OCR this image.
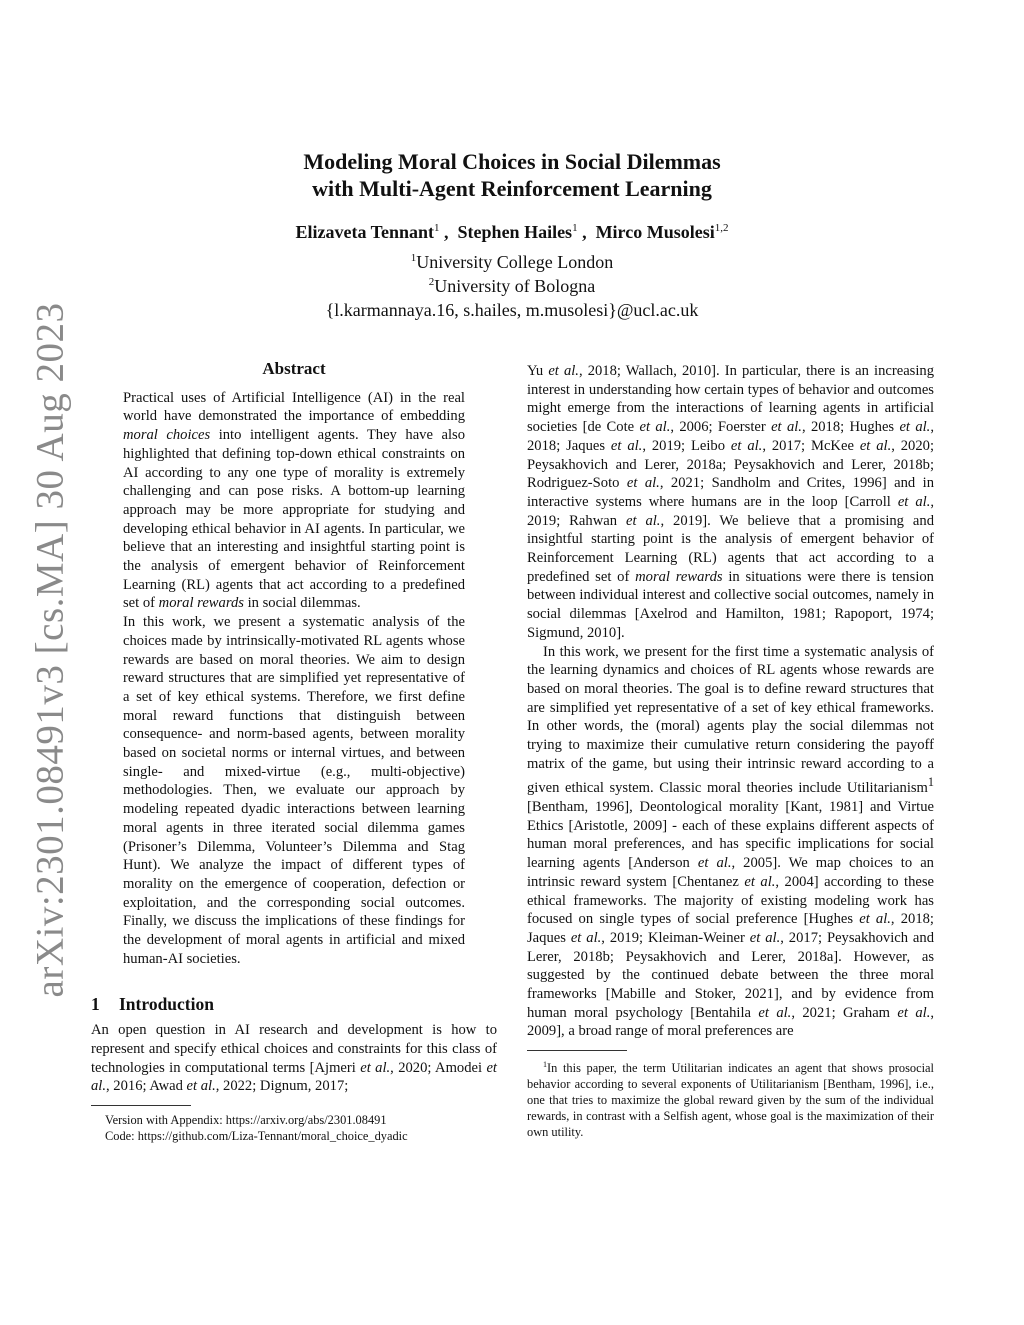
arXiv:2301.08491v3 [cs.MA] 30 Aug 2023
Modeling Moral Choices in Social Dilemmas
with Multi-Agent Reinforcement Learning
Elizaveta Tennant$^1$ ,  Stephen Hailes$^1$ ,  Mirco Musolesi$^{1,2}$
$^1$University College London
$^2$University of Bologna
{l.karmannaya.16, s.hailes, m.musolesi}@ucl.ac.uk
Abstract

Practical uses of Artificial Intelligence (AI) in the real world have demonstrated the importance of embedding moral choices into intelligent agents. They have also highlighted that defining top-down ethical constraints on AI according to any one type of morality is extremely challenging and can pose risks. A bottom-up learning approach may be more appropriate for studying and developing ethical behavior in AI agents. In particular, we believe that an interesting and insightful starting point is the analysis of emergent behavior of Reinforcement Learning (RL) agents that act according to a predefined set of moral rewards in social dilemmas.

In this work, we present a systematic analysis of the choices made by intrinsically-motivated RL agents whose rewards are based on moral theories. We aim to design reward structures that are simplified yet representative of a set of key ethical systems. Therefore, we first define moral reward functions that distinguish between consequence- and norm-based agents, between morality based on societal norms or internal virtues, and between single- and mixed-virtue (e.g., multi-objective) methodologies. Then, we evaluate our approach by modeling repeated dyadic interactions between learning moral agents in three iterated social dilemma games (Prisoner’s Dilemma, Volunteer’s Dilemma and Stag Hunt). We analyze the impact of different types of morality on the emergence of cooperation, defection or exploitation, and the corresponding social outcomes. Finally, we discuss the implications of these findings for the development of moral agents in artificial and mixed human-AI societies.

1 Introduction

An open question in AI research and development is how to represent and specify ethical choices and constraints for this class of technologies in computational terms [Ajmeri et al., 2020; Amodei et al., 2016; Awad et al., 2022; Dignum, 2017;

Version with Appendix: https://arxiv.org/abs/2301.08491

Code: https://github.com/Liza-Tennant/moral_choice_dyadic

Yu et al., 2018; Wallach, 2010]. In particular, there is an increasing interest in understanding how certain types of behavior and outcomes might emerge from the interactions of learning agents in artificial societies [de Cote et al., 2006; Foerster et al., 2018; Hughes et al., 2018; Jaques et al., 2019; Leibo et al., 2017; McKee et al., 2020; Peysakhovich and Lerer, 2018a; Peysakhovich and Lerer, 2018b; Rodriguez-Soto et al., 2021; Sandholm and Crites, 1996] and in interactive systems where humans are in the loop [Carroll et al., 2019; Rahwan et al., 2019]. We believe that a promising and insightful starting point is the analysis of emergent behavior of Reinforcement Learning (RL) agents that act according to a predefined set of moral rewards in situations were there is tension between individual interest and collective social outcomes, namely in social dilemmas [Axelrod and Hamilton, 1981; Rapoport, 1974; Sigmund, 2010].

In this work, we present for the first time a systematic analysis of the learning dynamics and choices of RL agents whose rewards are based on moral theories. The goal is to define reward structures that are simplified yet representative of a set of key ethical frameworks. In other words, the (moral) agents play the social dilemmas not trying to maximize their cumulative return considering the payoff matrix of the game, but using their intrinsic reward according to a given ethical system. Classic moral theories include Utilitarianism$^1$ [Bentham, 1996], Deontological morality [Kant, 1981] and Virtue Ethics [Aristotle, 2009] - each of these explains different aspects of human moral preferences, and has specific implications for social learning agents [Anderson et al., 2005]. We map choices to an intrinsic reward system [Chentanez et al., 2004] according to these ethical frameworks. The majority of existing modeling work has focused on single types of social preference [Hughes et al., 2018; Jaques et al., 2019; Kleiman-Weiner et al., 2017; Peysakhovich and Lerer, 2018b; Peysakhovich and Lerer, 2018a]. However, as suggested by the continued debate between the three moral frameworks [Mabille and Stoker, 2021], and by evidence from human moral psychology [Bentahila et al., 2021; Graham et al., 2009], a broad range of moral preferences are

$^1$In this paper, the term Utilitarian indicates an agent that shows prosocial behavior according to several exponents of Utilitarianism [Bentham, 1996], i.e., one that tries to maximize the global reward given by the sum of the individual rewards, in contrast with a Selfish agent, whose goal is the maximization of their own utility.
